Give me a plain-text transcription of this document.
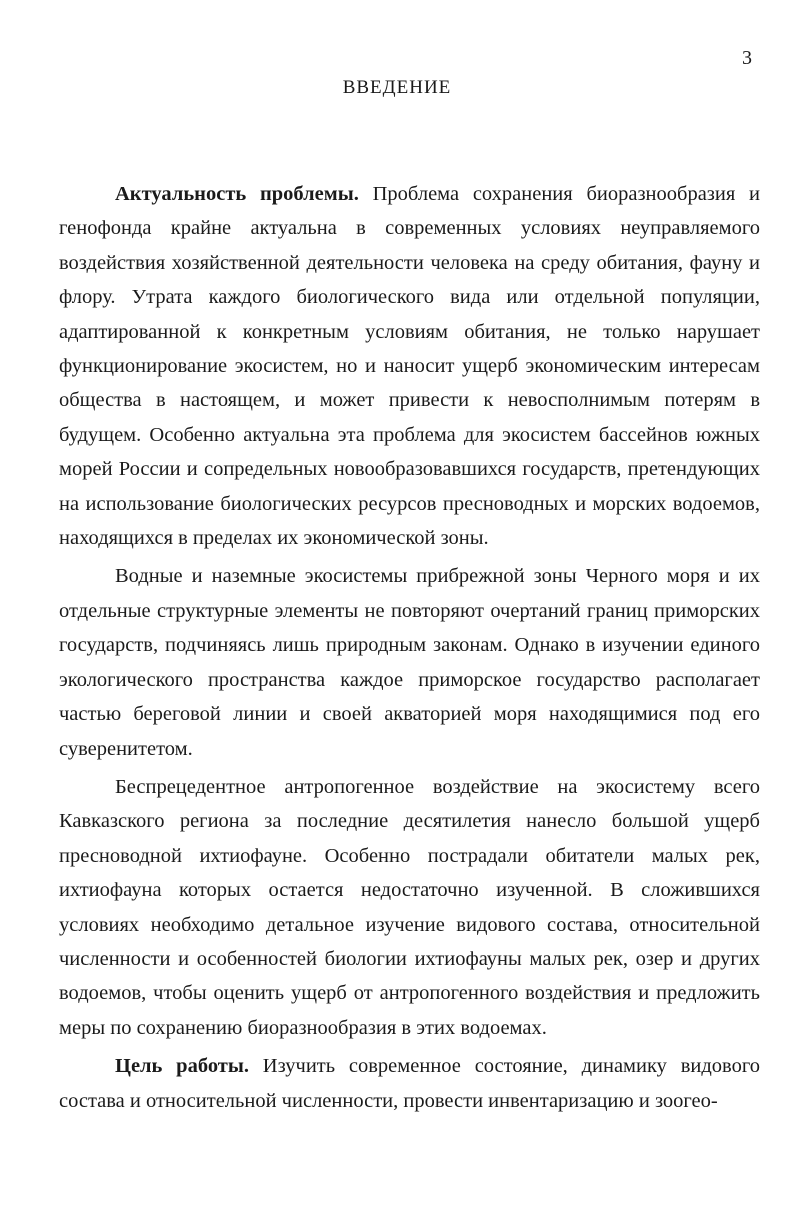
3
ВВЕДЕНИЕ

Актуальность проблемы. Проблема сохранения биоразнообразия и генофонда крайне актуальна в современных условиях неуправляемого воздействия хозяйственной деятельности человека на среду обитания, фауну и флору. Утрата каждого биологического вида или отдельной популяции, адаптированной к конкретным условиям обитания, не только нарушает функционирование экосистем, но и наносит ущерб экономическим интересам общества в настоящем, и может привести к невосполнимым потерям в будущем. Особенно актуальна эта проблема для экосистем бассейнов южных морей России и сопредельных новообразовавшихся государств, претендующих на использование биологических ресурсов пресноводных и морских водоемов, находящихся в пределах их экономической зоны.

Водные и наземные экосистемы прибрежной зоны Черного моря и их отдельные структурные элементы не повторяют очертаний границ приморских государств, подчиняясь лишь природным законам. Однако в изучении единого экологического пространства каждое приморское государство располагает частью береговой линии и своей акваторией моря находящимися под его суверенитетом.

Беспрецедентное антропогенное воздействие на экосистему всего Кавказского региона за последние десятилетия нанесло большой ущерб пресноводной ихтиофауне. Особенно пострадали обитатели малых рек, ихтиофауна которых остается недостаточно изученной. В сложившихся условиях необходимо детальное изучение видового состава, относительной численности и особенностей биологии ихтиофауны малых рек, озер и других водоемов, чтобы оценить ущерб от антропогенного воздействия и предложить меры по сохранению биоразнообразия в этих водоемах.

Цель работы. Изучить современное состояние, динамику видового состава и относительной численности, провести инвентаризацию и зоогео-
